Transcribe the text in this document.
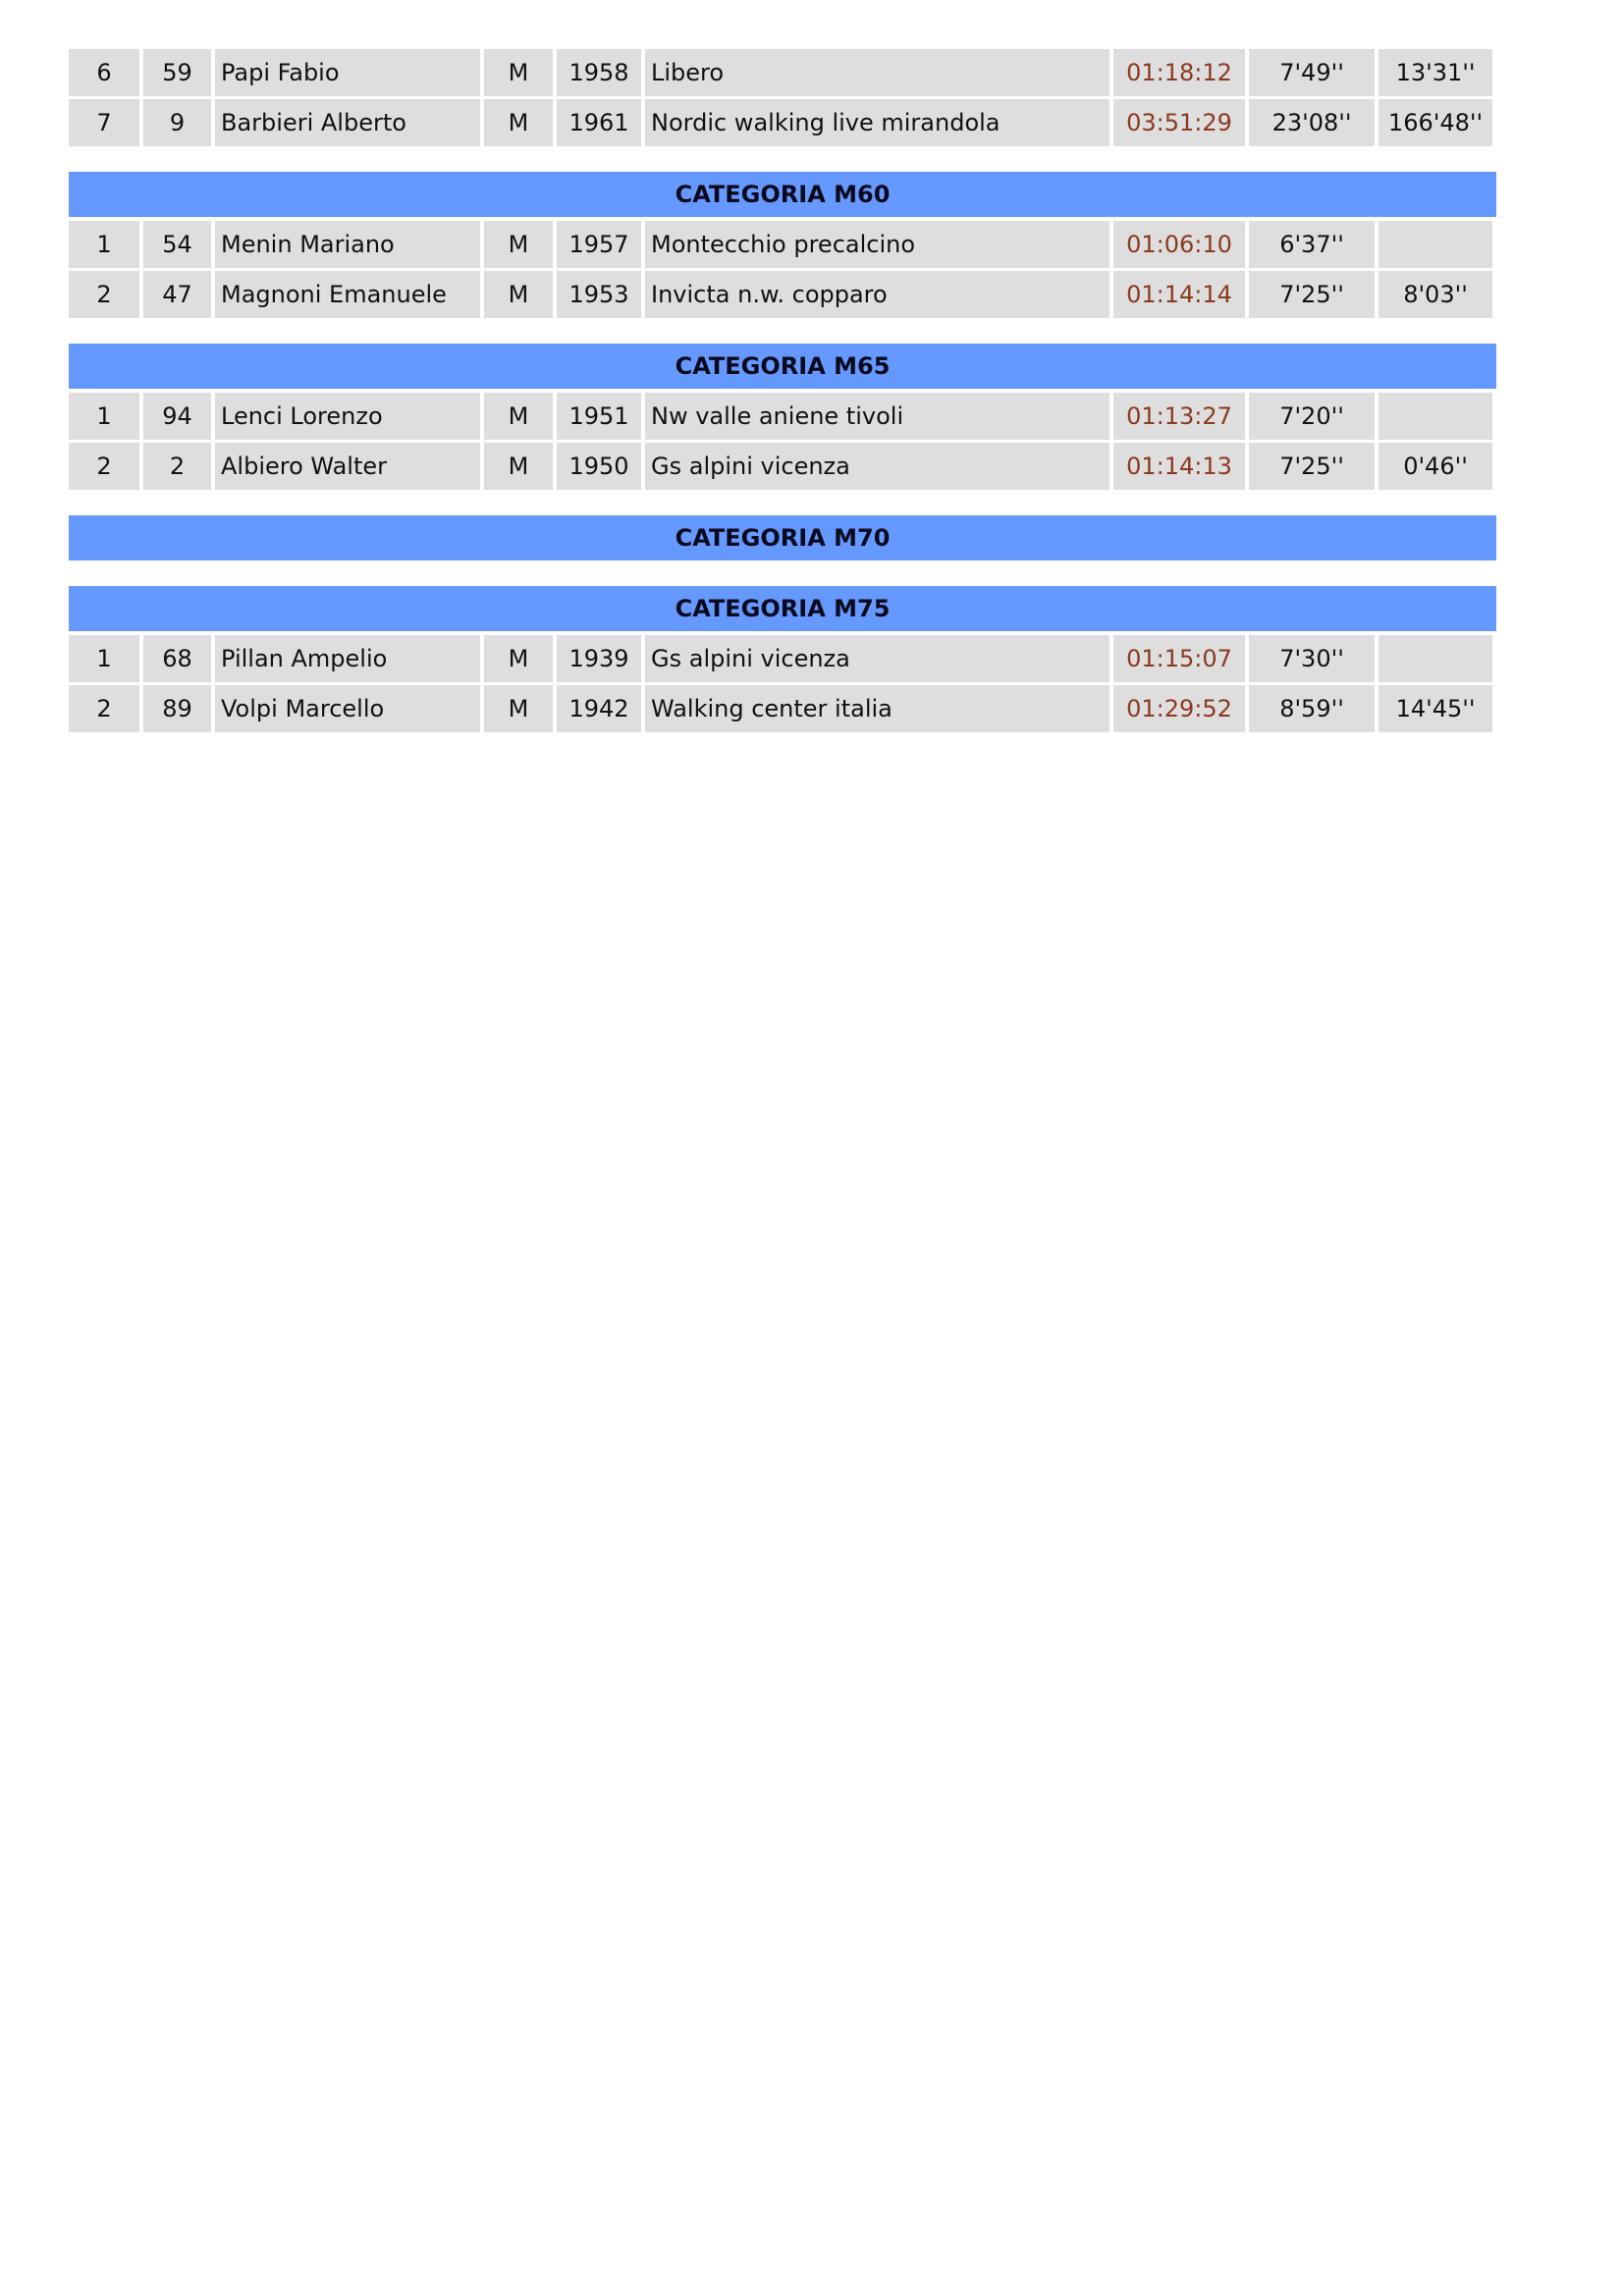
6	59	Papi Fabio	M	1958 Libero	01:18:12	7'49''	13'31''
7	9	Barbieri Alberto	M	1961 Nordic walking live mirandola	03:51:29	23'08''	166'48''
CATEGORIA M60
1	54	Menin Mariano	M	1957 Montecchio precalcino	01:06:10	6'37''
2	47	Magnoni Emanuele	M	1953 Invicta n.w. copparo	01:14:14	7'25''	8'03''
CATEGORIA M65
1	94	Lenci Lorenzo	M	1951 Nw valle aniene tivoli	01:13:27	7'20''
2	2	Albiero Walter	M	1950 Gs alpini vicenza	01:14:13	7'25''	0'46''
CATEGORIA M70
CATEGORIA M75
1	68	Pillan Ampelio	M	1939 Gs alpini vicenza	01:15:07	7'30''
2	89	Volpi Marcello	M	1942 Walking center italia	01:29:52	8'59''	14'45''
